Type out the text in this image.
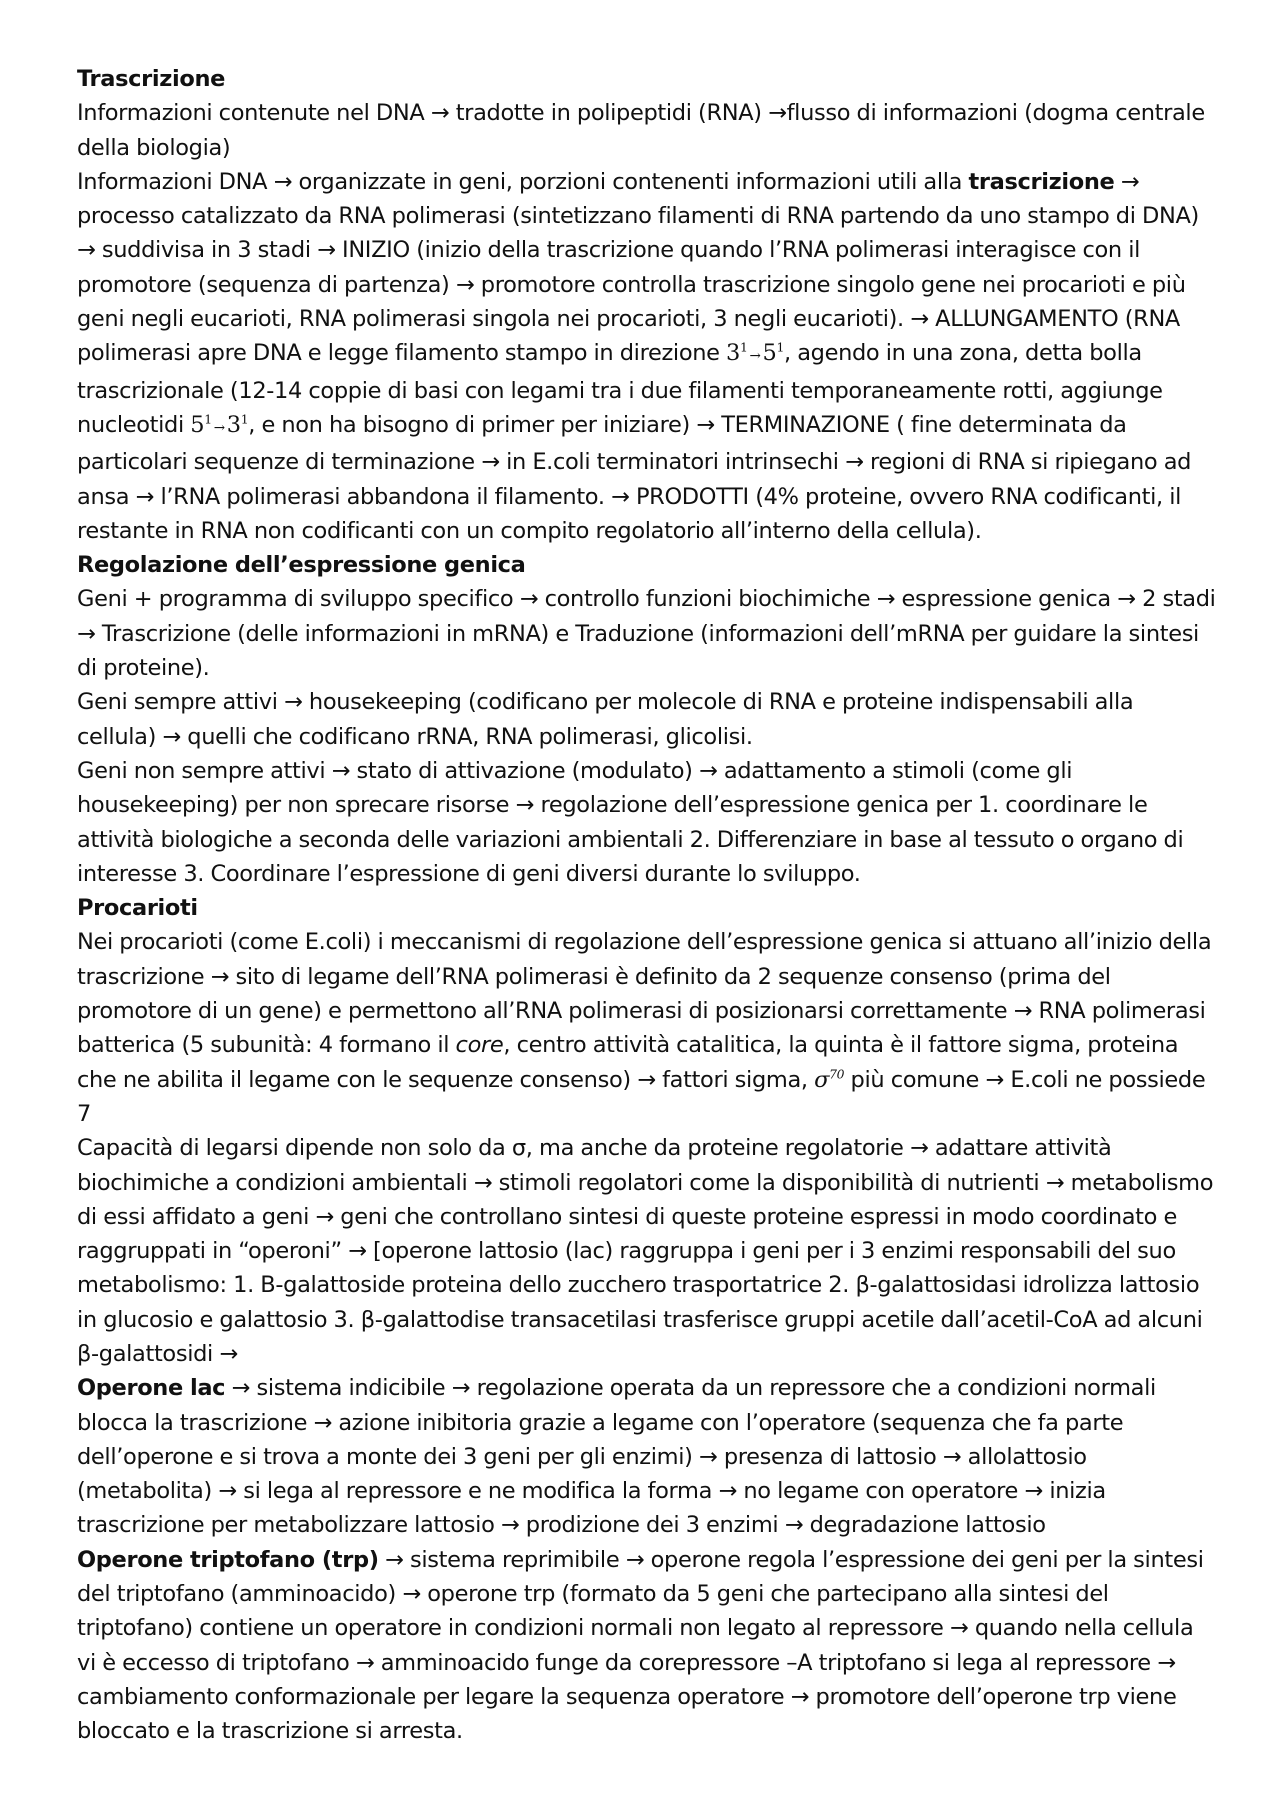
Trascrizione

Informazioni contenute nel DNA → tradotte in polipeptidi (RNA) →flusso di informazioni (dogma centrale della biologia)

Informazioni DNA → organizzate in geni, porzioni contenenti informazioni utili alla trascrizione → processo catalizzato da RNA polimerasi (sintetizzano filamenti di RNA partendo da uno stampo di DNA) → suddivisa in 3 stadi → INIZIO (inizio della trascrizione quando l’RNA polimerasi interagisce con il promotore (sequenza di partenza) → promotore controlla trascrizione singolo gene nei procarioti e più geni negli eucarioti, RNA polimerasi singola nei procarioti, 3 negli eucarioti). → ALLUNGAMENTO (RNA polimerasi apre DNA e legge filamento stampo in direzione $3^1\to 5^1$, agendo in una zona, detta bolla trascrizionale (12-14 coppie di basi con legami tra i due filamenti temporaneamente rotti, aggiunge nucleotidi $5^1\to 3^1$, e non ha bisogno di primer per iniziare) → TERMINAZIONE ( fine determinata da particolari sequenze di terminazione → in E.coli terminatori intrinsechi → regioni di RNA si ripiegano ad ansa → l’RNA polimerasi abbandona il filamento. → PRODOTTI (4% proteine, ovvero RNA codificanti, il restante in RNA non codificanti con un compito regolatorio all’interno della cellula).

Regolazione dell’espressione genica

Geni + programma di sviluppo specifico → controllo funzioni biochimiche → espressione genica → 2 stadi → Trascrizione (delle informazioni in mRNA) e Traduzione (informazioni dell’mRNA per guidare la sintesi di proteine).

Geni sempre attivi → housekeeping (codificano per molecole di RNA e proteine indispensabili alla cellula) → quelli che codificano rRNA, RNA polimerasi, glicolisi.

Geni non sempre attivi → stato di attivazione (modulato) → adattamento a stimoli (come gli housekeeping) per non sprecare risorse → regolazione dell’espressione genica per 1. coordinare le attività biologiche a seconda delle variazioni ambientali 2. Differenziare in base al tessuto o organo di interesse 3. Coordinare l’espressione di geni diversi durante lo sviluppo.

Procarioti

Nei procarioti (come E.coli) i meccanismi di regolazione dell’espressione genica si attuano all’inizio della trascrizione → sito di legame dell’RNA polimerasi è definito da 2 sequenze consenso (prima del promotore di un gene) e permettono all’RNA polimerasi di posizionarsi correttamente → RNA polimerasi batterica (5 subunità: 4 formano il core, centro attività catalitica, la quinta è il fattore sigma, proteina che ne abilita il legame con le sequenze consenso) → fattori sigma, $\sigma^{70}$ più comune → E.coli ne possiede 7

Capacità di legarsi dipende non solo da σ, ma anche da proteine regolatorie → adattare attività biochimiche a condizioni ambientali → stimoli regolatori come la disponibilità di nutrienti → metabolismo di essi affidato a geni → geni che controllano sintesi di queste proteine espressi in modo coordinato e raggruppati in “operoni” → [operone lattosio (lac) raggruppa i geni per i 3 enzimi responsabili del suo metabolismo: 1. B-galattoside proteina dello zucchero trasportatrice 2. β-galattosidasi idrolizza lattosio in glucosio e galattosio 3. β-galattodise transacetilasi trasferisce gruppi acetile dall’acetil-CoA ad alcuni β-galattosidi →

Operone lac → sistema indicibile → regolazione operata da un repressore che a condizioni normali blocca la trascrizione → azione inibitoria grazie a legame con l’operatore (sequenza che fa parte dell’operone e si trova a monte dei 3 geni per gli enzimi) → presenza di lattosio → allolattosio (metabolita) → si lega al repressore e ne modifica la forma → no legame con operatore → inizia trascrizione per metabolizzare lattosio → prodizione dei 3 enzimi → degradazione lattosio

Operone triptofano (trp) → sistema reprimibile → operone regola l’espressione dei geni per la sintesi del triptofano (amminoacido) → operone trp (formato da 5 geni che partecipano alla sintesi del triptofano) contiene un operatore in condizioni normali non legato al repressore → quando nella cellula vi è eccesso di triptofano → amminoacido funge da corepressore –A triptofano si lega al repressore → cambiamento conformazionale per legare la sequenza operatore → promotore dell’operone trp viene bloccato e la trascrizione si arresta.
